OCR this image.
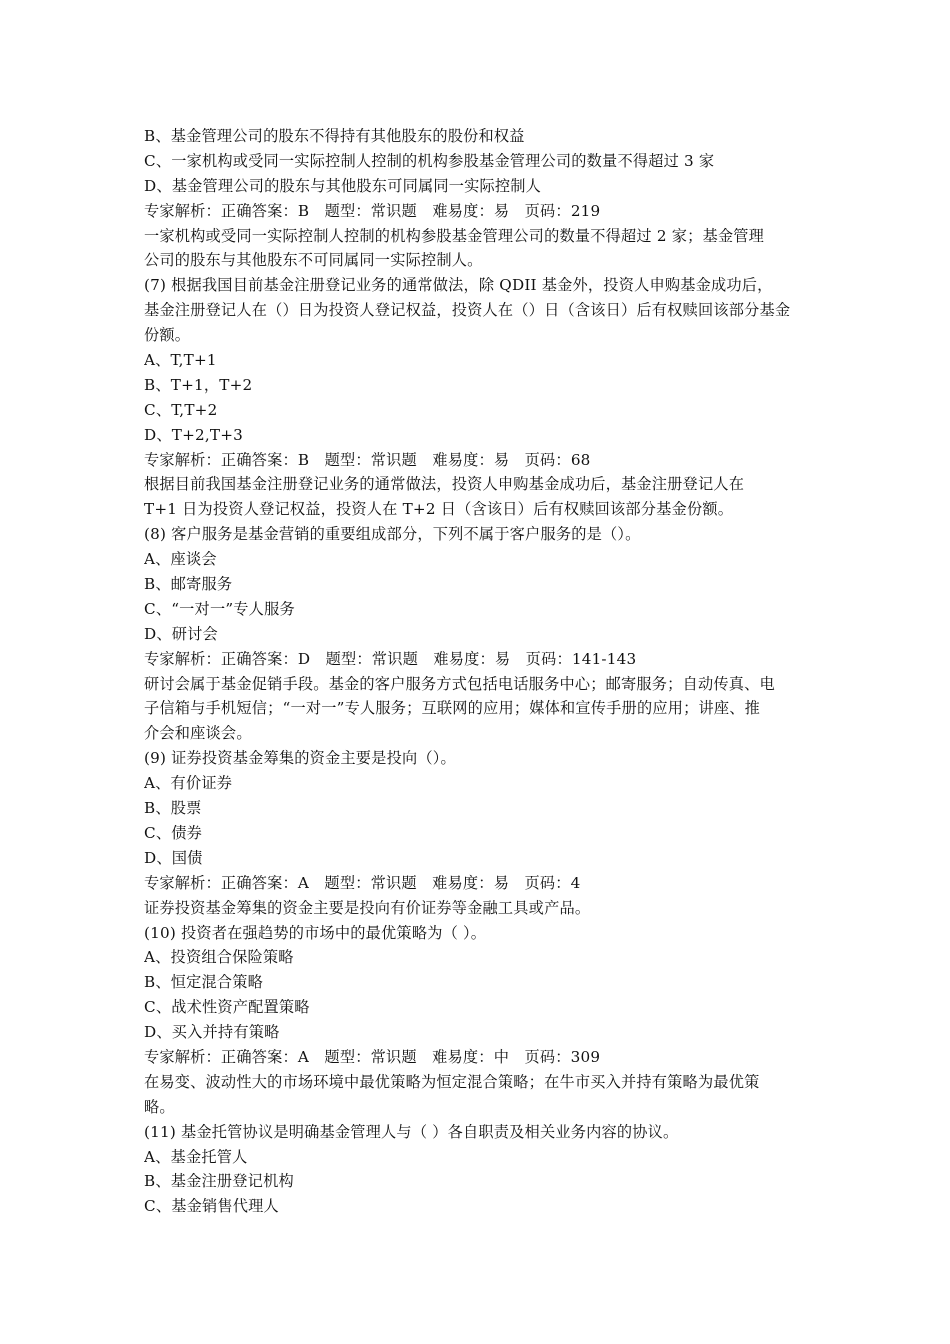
B、基金管理公司的股东不得持有其他股东的股份和权益
C、一家机构或受同一实际控制人控制的机构参股基金管理公司的数量不得超过 3 家
D、基金管理公司的股东与其他股东可同属同一实际控制人
专家解析：正确答案：B　题型：常识题　难易度：易　页码：219
一家机构或受同一实际控制人控制的机构参股基金管理公司的数量不得超过 2 家；基金管理
公司的股东与其他股东不可同属同一实际控制人。
(7) 根据我国目前基金注册登记业务的通常做法，除 QDII 基金外，投资人申购基金成功后，
基金注册登记人在（）日为投资人登记权益，投资人在（）日（含该日）后有权赎回该部分基金
份额。
A、T,T+1
B、T+1，T+2
C、T,T+2
D、T+2,T+3
专家解析：正确答案：B　题型：常识题　难易度：易　页码：68
根据目前我国基金注册登记业务的通常做法，投资人申购基金成功后，基金注册登记人在
T+1 日为投资人登记权益，投资人在 T+2 日（含该日）后有权赎回该部分基金份额。
(8) 客户服务是基金营销的重要组成部分，下列不属于客户服务的是（）。
A、座谈会
B、邮寄服务
C、“一对一”专人服务
D、研讨会
专家解析：正确答案：D　题型：常识题　难易度：易　页码：141-143
研讨会属于基金促销手段。基金的客户服务方式包括电话服务中心；邮寄服务；自动传真、电
子信箱与手机短信；“一对一”专人服务；互联网的应用；媒体和宣传手册的应用；讲座、推
介会和座谈会。
(9) 证券投资基金筹集的资金主要是投向（）。
A、有价证券
B、股票
C、债券
D、国债
专家解析：正确答案：A　题型：常识题　难易度：易　页码：4
证券投资基金筹集的资金主要是投向有价证券等金融工具或产品。
(10) 投资者在强趋势的市场中的最优策略为（ ）。
A、投资组合保险策略
B、恒定混合策略
C、战术性资产配置策略
D、买入并持有策略
专家解析：正确答案：A　题型：常识题　难易度：中　页码：309
在易变、波动性大的市场环境中最优策略为恒定混合策略；在牛市买入并持有策略为最优策
略。
(11) 基金托管协议是明确基金管理人与（ ）各自职责及相关业务内容的协议。
A、基金托管人
B、基金注册登记机构
C、基金销售代理人
